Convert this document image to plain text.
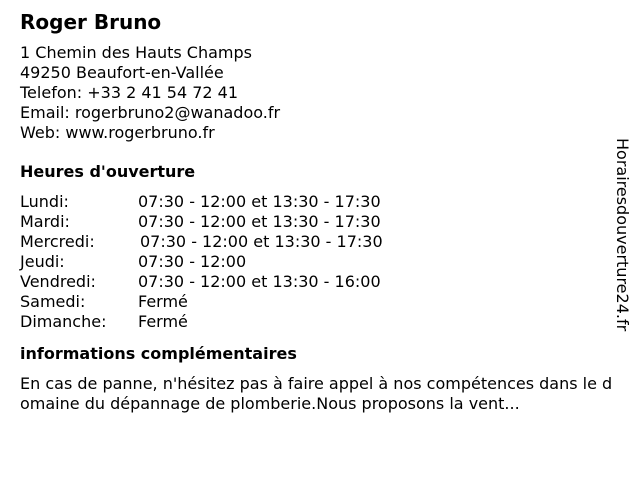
Roger Bruno
1 Chemin des Hauts Champs
49250 Beaufort-en-Vallée
Telefon: +33 2 41 54 72 41
Email: rogerbruno2@wanadoo.fr
Web: www.rogerbruno.fr
Heures d'ouverture
Lundi:	07:30 - 12:00 et 13:30 - 17:30
Mardi:	07:30 - 12:00 et 13:30 - 17:30
Mercredi:	07:30 - 12:00 et 13:30 - 17:30
Jeudi:	07:30 - 12:00
Vendredi:	07:30 - 12:00 et 13:30 - 16:00
Samedi:	Fermé
Dimanche:	Fermé
informations complémentaires
En cas de panne, n'hésitez pas à faire appel à nos compétences dans le domaine du dépannage de plomberie.Nous proposons la vent...
Horairesdouverture24.fr
